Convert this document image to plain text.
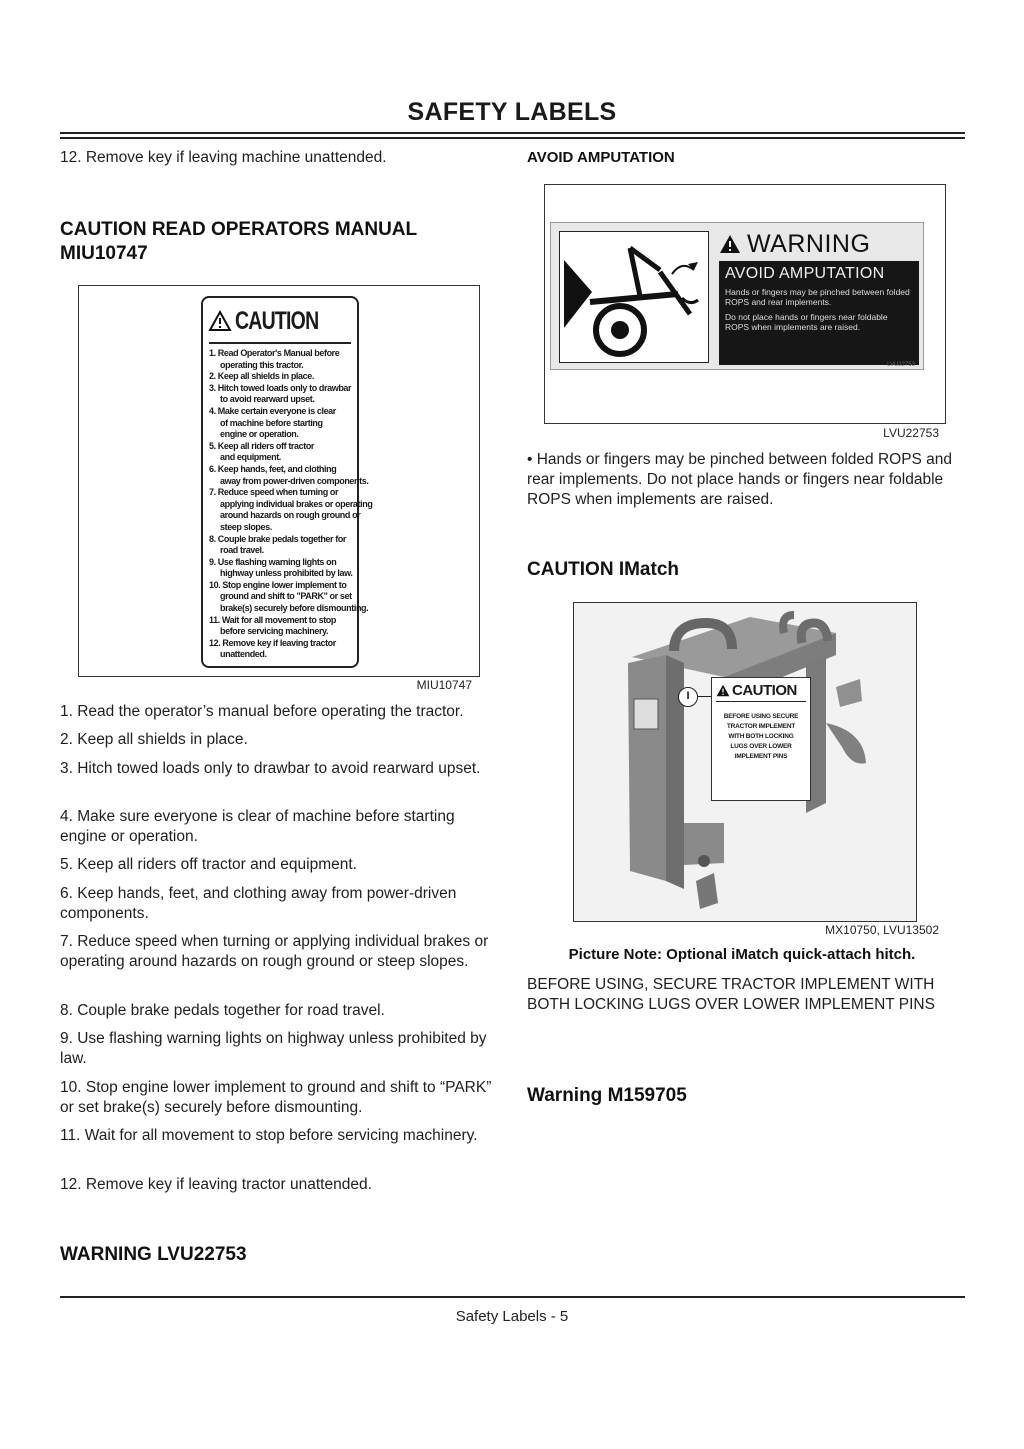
SAFETY LABELS
12. Remove key if leaving machine unattended.
CAUTION READ OPERATORS MANUAL
MIU10747
CAUTION
1. Read Operator's Manual before
operating this tractor.
2. Keep all shields in place.
3. Hitch towed loads only to drawbar
to avoid rearward upset.
4. Make certain everyone is clear
of machine before starting
engine or operation.
5. Keep all riders off tractor
and equipment.
6. Keep hands, feet, and clothing
away from power-driven components.
7. Reduce speed when turning or
applying individual brakes or operating
around hazards on rough ground or
steep slopes.
8. Couple brake pedals together for
road travel.
9. Use flashing warning lights on
highway unless prohibited by law.
10. Stop engine lower implement to
ground and shift to "PARK" or set
brake(s) securely before dismounting.
11. Wait for all movement to stop
before servicing machinery.
12. Remove key if leaving tractor
unattended.
MIU10747
1. Read the operator’s manual before operating the tractor.
2. Keep all shields in place.
3. Hitch towed loads only to drawbar to avoid rearward upset.
4. Make sure everyone is clear of machine before starting engine or operation.
5. Keep all riders off tractor and equipment.
6. Keep hands, feet, and clothing away from power-driven components.
7. Reduce speed when turning or applying individual brakes or operating around hazards on rough ground or steep slopes.
8. Couple brake pedals together for road travel.
9. Use flashing warning lights on highway unless prohibited by law.
10. Stop engine lower implement to ground and shift to “PARK” or set brake(s) securely before dismounting.
11. Wait for all movement to stop before servicing machinery.
12. Remove key if leaving tractor unattended.
WARNING LVU22753
AVOID AMPUTATION
WARNING
AVOID AMPUTATION
Hands or fingers may be pinched between folded ROPS and rear implements.
Do not place hands or fingers near foldable ROPS when implements are raised.
LVU22753
LVU22753
• Hands or fingers may be pinched between folded ROPS and rear implements. Do not place hands or fingers near foldable ROPS when implements are raised.
CAUTION IMatch
I	CAUTION
BEFORE USING SECURE
TRACTOR IMPLEMENT
WITH BOTH LOCKING
LUGS OVER LOWER
IMPLEMENT PINS
MX10750, LVU13502
Picture Note: Optional iMatch quick-attach hitch.
BEFORE USING, SECURE TRACTOR IMPLEMENT WITH BOTH LOCKING LUGS OVER LOWER IMPLEMENT PINS
Warning M159705
Safety Labels - 5
